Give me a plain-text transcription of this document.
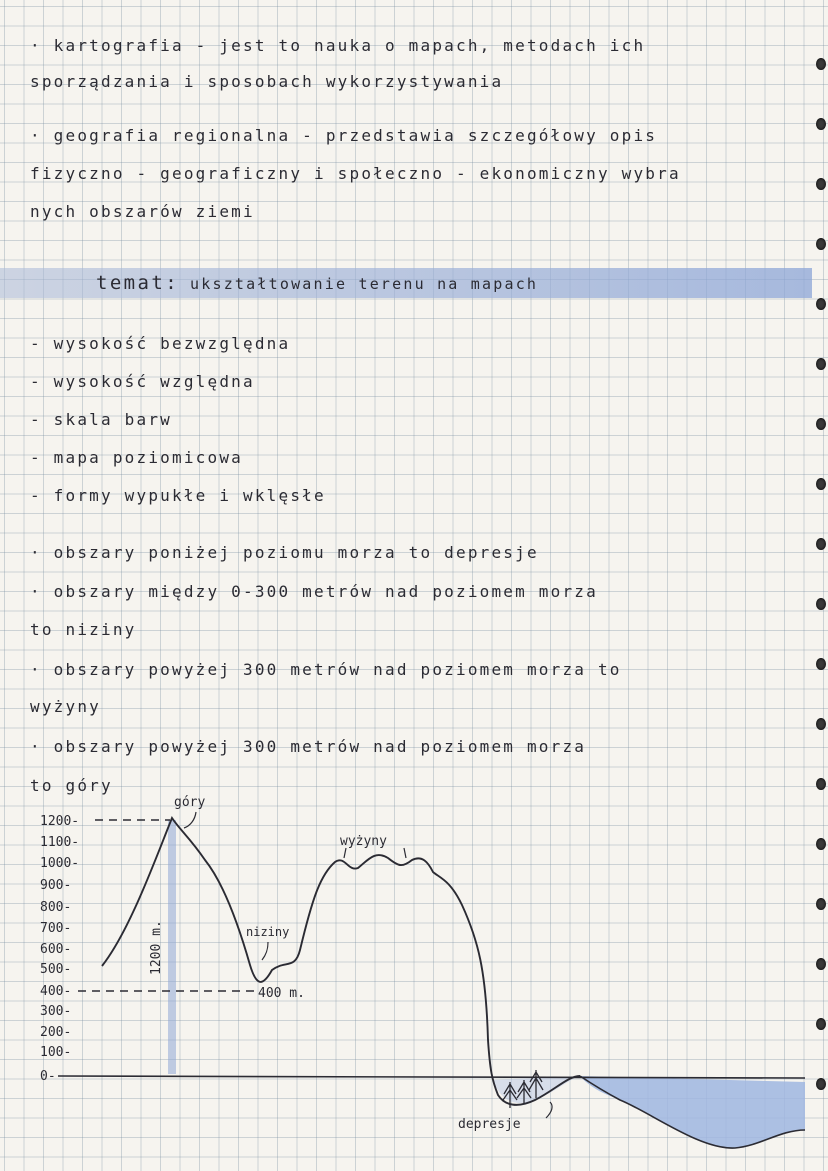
· kartografia - jest to nauka o mapach, metodach ich
sporządzania i sposobach wykorzystywania
· geografia regionalna - przedstawia szczegółowy opis
fizyczno - geograficzny i społeczno - ekonomiczny wybra
nych obszarów ziemi
temat: ukształtowanie terenu na mapach
- wysokość bezwzględna
- wysokość względna
- skala barw
- mapa poziomicowa
- formy wypukłe i wklęsłe
· obszary poniżej poziomu morza to depresje
· obszary między 0-300 metrów nad poziomem morza
to niziny
· obszary powyżej 300 metrów nad poziomem morza to
wyżyny
· obszary powyżej 300 metrów nad poziomem morza
to góry
1200-
1100-
1000-
900-
800-
700-
600-
500-
400-
300-
200-
100-
0-
góry
wyżyny
niziny
1200 m.
400 m.
depresje
